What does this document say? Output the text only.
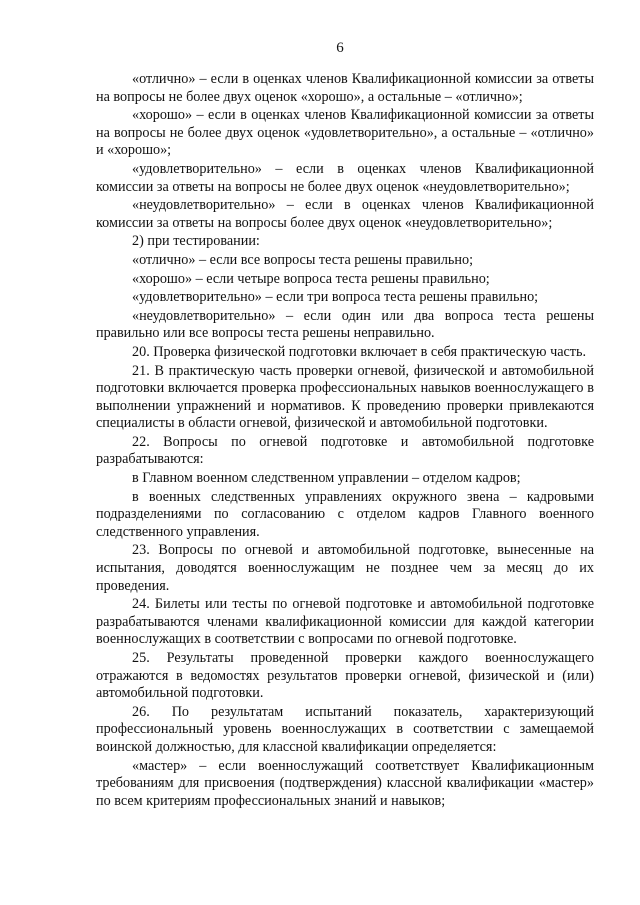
6

«отлично» – если в оценках членов Квалификационной комиссии за ответы на вопросы не более двух оценок «хорошо», а остальные – «отлично»;

«хорошо» – если в оценках членов Квалификационной комиссии за ответы на вопросы не более двух оценок «удовлетворительно», а остальные – «отлично» и «хорошо»;

«удовлетворительно» – если в оценках членов Квалификационной комиссии за ответы на вопросы не более двух оценок «неудовлетворительно»;

«неудовлетворительно» – если в оценках членов Квалификационной комиссии за ответы на вопросы более двух оценок «неудовлетворительно»;

2) при тестировании:

«отлично» – если все вопросы теста решены правильно;

«хорошо» – если четыре вопроса теста решены правильно;

«удовлетворительно» – если три вопроса теста решены правильно;

«неудовлетворительно» – если один или два вопроса теста решены правильно или все вопросы теста решены неправильно.

20. Проверка физической подготовки включает в себя практическую часть.

21. В практическую часть проверки огневой, физической и автомобильной подготовки включается проверка профессиональных навыков военнослужащего в выполнении упражнений и нормативов. К проведению проверки привлекаются специалисты в области огневой, физической и автомобильной подготовки.

22. Вопросы по огневой подготовке и автомобильной подготовке разрабатываются:

в Главном военном следственном управлении – отделом кадров;

в военных следственных управлениях окружного звена – кадровыми подразделениями по согласованию с отделом кадров Главного военного следственного управления.

23. Вопросы по огневой и автомобильной подготовке, вынесенные на испытания, доводятся военнослужащим не позднее чем за месяц до их проведения.

24. Билеты или тесты по огневой подготовке и автомобильной подготовке разрабатываются членами квалификационной комиссии для каждой категории военнослужащих в соответствии с вопросами по огневой подготовке.

25. Результаты проведенной проверки каждого военнослужащего отражаются в ведомостях результатов проверки огневой, физической и (или) автомобильной подготовки.

26. По результатам испытаний показатель, характеризующий профессиональный уровень военнослужащих в соответствии с замещаемой воинской должностью, для классной квалификации определяется:

«мастер» – если военнослужащий соответствует Квалификационным требованиям для присвоения (подтверждения) классной квалификации «мастер» по всем критериям профессиональных знаний и навыков;
